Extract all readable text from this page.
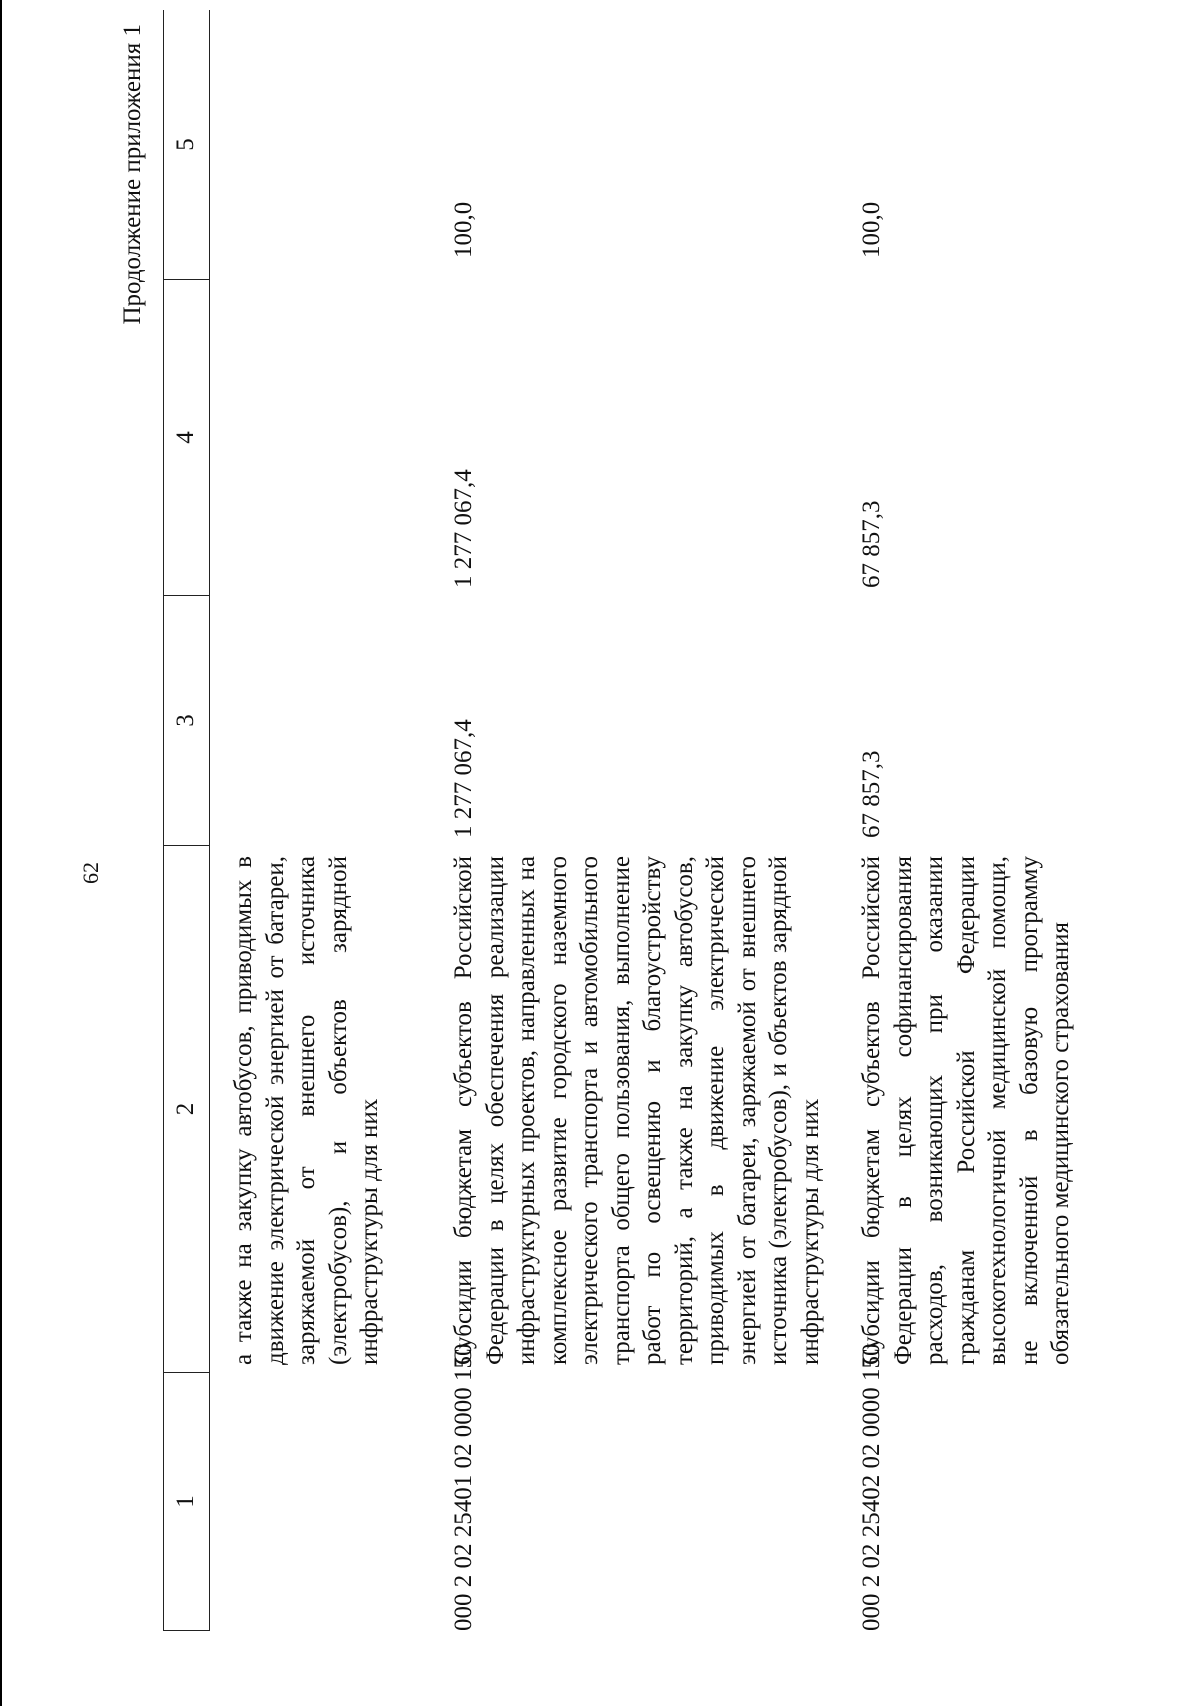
62
Продолжение приложения 1
1
2
3
4
5
а также на закупку автобусов, приводимых в движение электрической энергией от батареи, заряжаемой от внешнего источника (электробусов), и объектов зарядной инфраструктуры для них
000 2 02 25401 02 0000 150
Субсидии бюджетам субъектов Российской Федерации в целях обеспечения реализации инфраструктурных проектов, направленных на комплексное развитие городского наземного электрического транспорта и автомобильного транспорта общего пользования, выполнение работ по освещению и благоустройству территорий, а также на закупку автобусов, приводимых в движение электрической энергией от батареи, заряжаемой от внешнего источника (электробусов), и объектов зарядной инфраструктуры для них
1 277 067,4
1 277 067,4
100,0
000 2 02 25402 02 0000 150
Субсидии бюджетам субъектов Российской Федерации в целях софинансирования расходов, возникающих при оказании гражданам Российской Федерации высокотехнологичной медицинской помощи, не включенной в базовую программу обязательного медицинского страхования
67 857,3
67 857,3
100,0
